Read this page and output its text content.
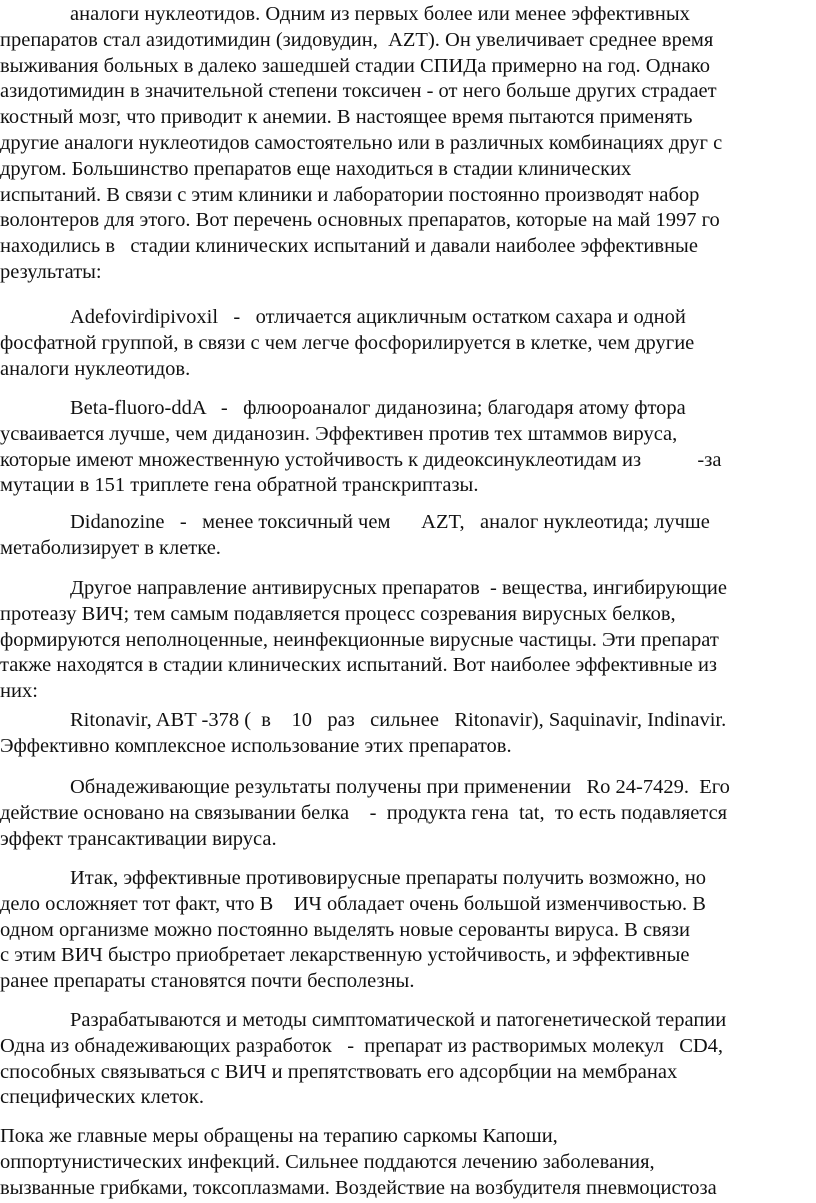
аналоги нуклеотидов. Одним из первых более или менее эффективных
препаратов стал азидотимидин (зидовудин,  AZT). Он увеличивает среднее время
выживания больных в далеко зашедшей стадии СПИДа примерно на год. Однако
азидотимидин в значительной степени токсичен - от него больше других страдает
костный мозг, что приводит к анемии. В настоящее время пытаются применять
другие аналоги нуклеотидов самостоятельно или в различных комбинациях друг с
другом. Большинство препаратов еще находиться в стадии клинических
испытаний. В связи с этим клиники и лаборатории постоянно производят набор
волонтеров для этого. Вот перечень основных препаратов, которые на май 1997 го
находились в   стадии клинических испытаний и давали наиболее эффективные
результаты:
Adefovirdipivoxil   -   отличается ацикличным остатком сахара и одной
фосфатной группой, в связи с чем легче фосфорилируется в клетке, чем другие
аналоги нуклеотидов.
Beta-fluoro-ddA   -   флюороаналог диданозина; благодаря атому фтора
усваивается лучше, чем диданозин. Эффективен против тех штаммов вируса,
которые имеют множественную устойчивость к дидеоксинуклеотидам из           -за
мутации в 151 триплете гена обратной транскриптазы.
Didanozine   -   менее токсичный чем      AZT,   аналог нуклеотида; лучше
метаболизирует в клетке.
Другое направление антивирусных препаратов  - вещества, ингибирующие
протеазу ВИЧ; тем самым подавляется процесс созревания вирусных белков,
формируются неполноценные, неинфекционные вирусные частицы. Эти препарат
также находятся в стадии клинических испытаний. Вот наиболее эффективные из
них:
Ritonavir, ABT -378 (  в    10   раз   сильнее   Ritonavir), Saquinavir, Indinavir.
Эффективно комплексное использование этих препаратов.
Обнадеживающие результаты получены при применении   Ro 24-7429.  Его
действие основано на связывании белка    -  продукта гена  tat,  то есть подавляется
эффект трансактивации вируса.
Итак, эффективные противовирусные препараты получить возможно, но
дело осложняет тот факт, что В    ИЧ обладает очень большой изменчивостью. В
одном организме можно постоянно выделять новые серованты вируса. В связи
с этим ВИЧ быстро приобретает лекарственную устойчивость, и эффективные
ранее препараты становятся почти бесполезны.
Разрабатываются и методы симптоматической и патогенетической терапии
Одна из обнадеживающих разработок   -  препарат из растворимых молекул   CD4,
способных связываться с ВИЧ и препятствовать его адсорбции на мембранах
специфических клеток.
Пока же главные меры обращены на терапию саркомы Капоши,
оппортунистических инфекций. Сильнее поддаются лечению заболевания,
вызванные грибками, токсоплазмами. Воздействие на возбудителя пневмоцистоза
